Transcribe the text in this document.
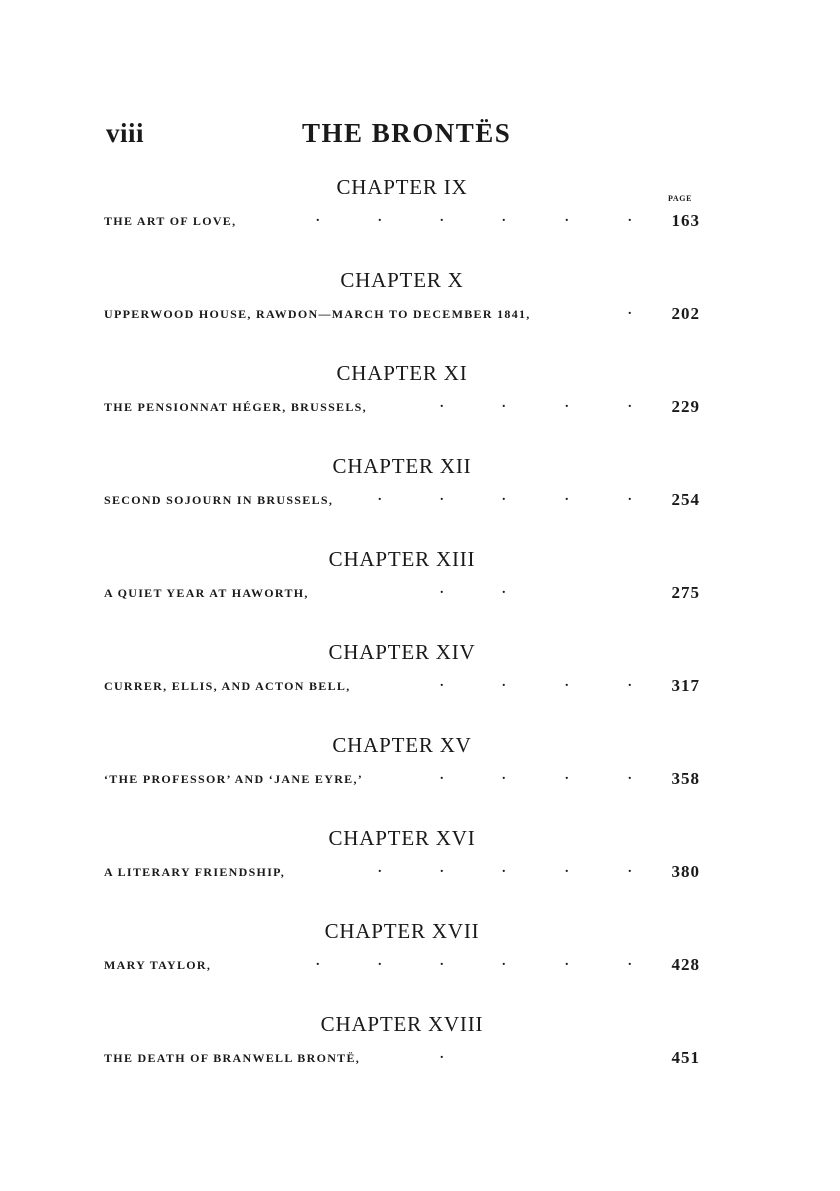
viii	THE BRONTËS
PAGE
CHAPTER IX
THE ART OF LOVE,	.	.	.	.	.	.	163
CHAPTER X
UPPERWOOD HOUSE, RAWDON—MARCH TO DECEMBER 1841,	.	202
CHAPTER XI
THE PENSIONNAT HÉGER, BRUSSELS,	.	.	.	.	229
CHAPTER XII
SECOND SOJOURN IN BRUSSELS,	.	.	.	.	.	254
CHAPTER XIII
A QUIET YEAR AT HAWORTH,	.	.	275
CHAPTER XIV
CURRER, ELLIS, AND ACTON BELL,	.	.	.	.	317
CHAPTER XV
‘THE PROFESSOR’ AND ‘JANE EYRE,’	.	.	.	.	358
CHAPTER XVI
A LITERARY FRIENDSHIP,	.	.	.	.	.	380
CHAPTER XVII
MARY TAYLOR,	.	.	.	.	.	.	428
CHAPTER XVIII
THE DEATH OF BRANWELL BRONTË,	.	451
